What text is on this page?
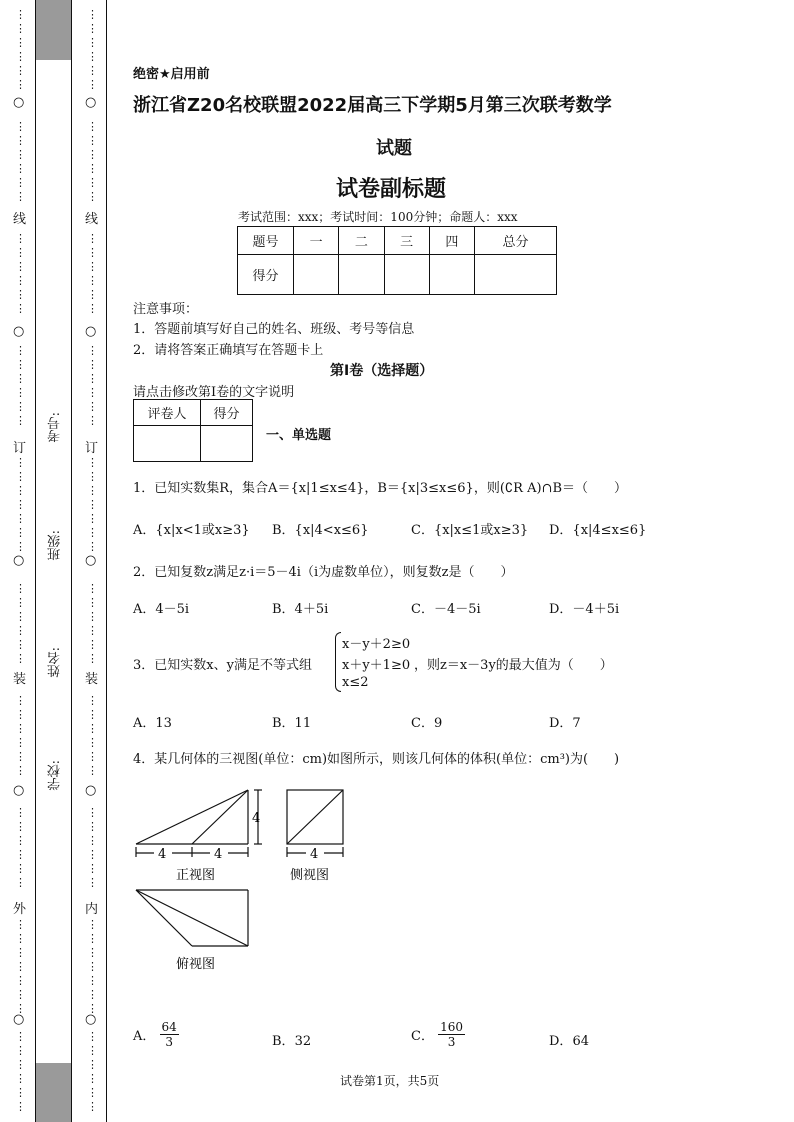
⋮
⋮
⋮
⋮
⋮
⋮
⋮
⋮
⋮
⋮
⋮
⋮
⋮
⋮
⋮
⋮
⋮
⋮
⋮
⋮
⋮
⋮
⋮
⋮
⋮
⋮
⋮
⋮
⋮
⋮
⋮
⋮
⋮
⋮
⋮
⋮
⋮
⋮
⋮
⋮
⋮
⋮
⋮
⋮
⋮
⋮
⋮
⋮
⋮
⋮
⋮
⋮
⋮
⋮
⋮
⋮
⋮
⋮
⋮
⋮
⋮
⋮
⋮
⋮
⋮
⋮
⋮
⋮
⋮
⋮
⋮
⋮
⋮
⋮
⋮
⋮
⋮
⋮
⋮
⋮
⋮
⋮
⋮
⋮
⋮
⋮
⋮
⋮
⋮
⋮
⋮
⋮
⋮
⋮
⋮
⋮
⋮
⋮
⋮
⋮
⋮
⋮
⋮
⋮
⋮
⋮
⋮
⋮
⋮
⋮
⋮
⋮
⋮
⋮
⋮
⋮
⋮
⋮
⋮
⋮
⋮
⋮
⋮
⋮
○
线
○
订
○
装
○
外
○
○
线
○
订
○
装
○
内
○
考号:
班级:
姓名:
学校:
绝密★启用前
浙江省Z20名校联盟2022届高三下学期5月第三次联考数学
试题
试卷副标题
考试范围：xxx；考试时间：100分钟；命题人：xxx
题号	一	二	三	四	总分
得分					
注意事项：
1．答题前填写好自己的姓名、班级、考号等信息
2．请将答案正确填写在答题卡上
第I卷（选择题）
请点击修改第I卷的文字说明
评卷人	得分

一、单选题
1．已知实数集R，集合A＝{x|1≤x≤4}，B＝{x|3≤x≤6}，则(∁R A)∩B＝（　　）
A．{x|x<1或x≥3} B．{x|4<x≤6}	C．{x|x≤1或x≥3} D．{x|4≤x≤6}
2．已知复数z满足z·i＝5－4i（i为虚数单位），则复数z是（　　）
A．4－5i	B．4＋5i	C．－4－5i	D．－4＋5i
3．已知实数x、y满足不等式组
x－y＋2≥0
x＋y＋1≥0
x≤2
，则z＝x－3y的最大值为（　　）
A．13	B．11	C．9	D．7
4．某几何体的三视图(单位：cm)如图所示，则该几何体的体积(单位：cm³)为(　　)
4
4	4
正视图
4
侧视图
俯视图
A． $\frac{64}{3}$	B．32	C． $\frac{160}{3}$	D．64
试卷第1页，共5页
